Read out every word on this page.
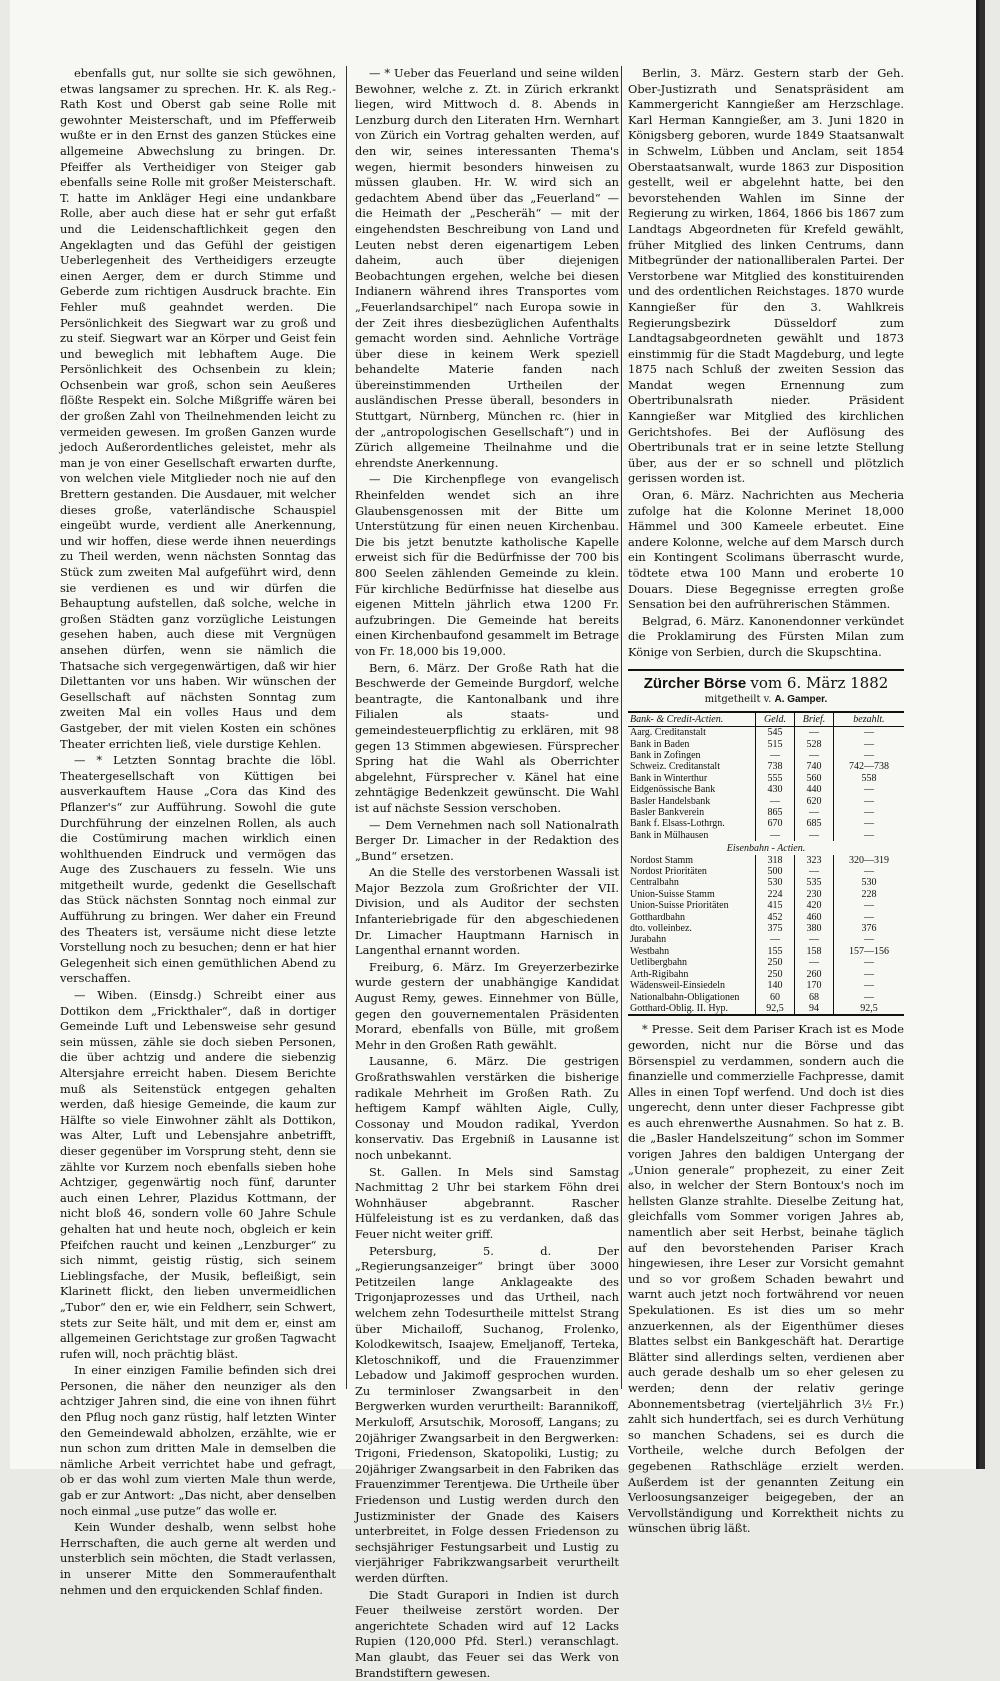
ebenfalls gut, nur sollte sie sich gewöhnen, etwas langsamer zu sprechen. Hr. K. als Reg.-Rath Kost und Oberst gab seine Rolle mit gewohnter Meisterschaft, und im Pfefferweib wußte er in den Ernst des ganzen Stückes eine allgemeine Abwechslung zu bringen. Dr. Pfeiffer als Vertheidiger von Steiger gab ebenfalls seine Rolle mit großer Meisterschaft. T. hatte im Ankläger Hegi eine undankbare Rolle, aber auch diese hat er sehr gut erfaßt und die Leidenschaftlichkeit gegen den Angeklagten und das Gefühl der geistigen Ueberlegenheit des Vertheidigers erzeugte einen Aerger, dem er durch Stimme und Geberde zum richtigen Ausdruck brachte. Ein Fehler muß geahndet werden. Die Persönlichkeit des Siegwart war zu groß und zu steif. Siegwart war an Körper und Geist fein und beweglich mit lebhaftem Auge. Die Persönlichkeit des Ochsenbein zu klein; Ochsenbein war groß, schon sein Aeußeres flößte Respekt ein. Solche Mißgriffe wären bei der großen Zahl von Theilnehmenden leicht zu vermeiden gewesen. Im großen Ganzen wurde jedoch Außerordentliches geleistet, mehr als man je von einer Gesellschaft erwarten durfte, von welchen viele Mitglieder noch nie auf den Brettern gestanden. Die Ausdauer, mit welcher dieses große, vaterländische Schauspiel eingeübt wurde, verdient alle Anerkennung, und wir hoffen, diese werde ihnen neuerdings zu Theil werden, wenn nächsten Sonntag das Stück zum zweiten Mal aufgeführt wird, denn sie verdienen es und wir dürfen die Behauptung aufstellen, daß solche, welche in großen Städten ganz vorzügliche Leistungen gesehen haben, auch diese mit Vergnügen ansehen dürfen, wenn sie nämlich die Thatsache sich vergegenwärtigen, daß wir hier Dilettanten vor uns haben. Wir wünschen der Gesellschaft auf nächsten Sonntag zum zweiten Mal ein volles Haus und dem Gastgeber, der mit vielen Kosten ein schönes Theater errichten ließ, viele durstige Kehlen.

— * Letzten Sonntag brachte die löbl. Theatergesellschaft von Küttigen bei ausverkauftem Hause „Cora das Kind des Pflanzer's“ zur Aufführung. Sowohl die gute Durchführung der einzelnen Rollen, als auch die Costümirung machen wirklich einen wohlthuenden Eindruck und vermögen das Auge des Zuschauers zu fesseln. Wie uns mitgetheilt wurde, gedenkt die Gesellschaft das Stück nächsten Sonntag noch einmal zur Aufführung zu bringen. Wer daher ein Freund des Theaters ist, versäume nicht diese letzte Vorstellung noch zu besuchen; denn er hat hier Gelegenheit sich einen gemüthlichen Abend zu verschaffen.

— Wiben. (Einsdg.) Schreibt einer aus Dottikon dem „Frickthaler“, daß in dortiger Gemeinde Luft und Lebensweise sehr gesund sein müssen, zähle sie doch sieben Personen, die über achtzig und andere die siebenzig Altersjahre erreicht haben. Diesem Berichte muß als Seitenstück entgegen gehalten werden, daß hiesige Gemeinde, die kaum zur Hälfte so viele Einwohner zählt als Dottikon, was Alter, Luft und Lebensjahre anbetrifft, dieser gegenüber im Vorsprung steht, denn sie zählte vor Kurzem noch ebenfalls sieben hohe Achtziger, gegenwärtig noch fünf, darunter auch einen Lehrer, Plazidus Kottmann, der nicht bloß 46, sondern volle 60 Jahre Schule gehalten hat und heute noch, obgleich er kein Pfeifchen raucht und keinen „Lenzburger“ zu sich nimmt, geistig rüstig, sich seinem Lieblingsfache, der Musik, befleißigt, sein Klarinett flickt, den lieben unvermeidlichen „Tubor“ den er, wie ein Feldherr, sein Schwert, stets zur Seite hält, und mit dem er, einst am allgemeinen Gerichtstage zur großen Tagwacht rufen will, noch prächtig bläst.

In einer einzigen Familie befinden sich drei Personen, die näher den neunziger als den achtziger Jahren sind, die eine von ihnen führt den Pflug noch ganz rüstig, half letzten Winter den Gemeindewald abholzen, erzählte, wie er nun schon zum dritten Male in demselben die nämliche Arbeit verrichtet habe und gefragt, ob er das wohl zum vierten Male thun werde, gab er zur Antwort: „Das nicht, aber denselben noch einmal „use putze“ das wolle er.

Kein Wunder deshalb, wenn selbst hohe Herrschaften, die auch gerne alt werden und unsterblich sein möchten, die Stadt verlassen, in unserer Mitte den Sommeraufenthalt nehmen und den erquickenden Schlaf finden.

— * Ueber das Feuerland und seine wilden Bewohner, welche z. Zt. in Zürich erkrankt liegen, wird Mittwoch d. 8. Abends in Lenzburg durch den Literaten Hrn. Wernhart von Zürich ein Vortrag gehalten werden, auf den wir, seines interessanten Thema's wegen, hiermit besonders hinweisen zu müssen glauben. Hr. W. wird sich an gedachtem Abend über das „Feuerland“ — die Heimath der „Pescheräh“ — mit der eingehendsten Beschreibung von Land und Leuten nebst deren eigenartigem Leben daheim, auch über diejenigen Beobachtungen ergehen, welche bei diesen Indianern während ihres Transportes vom „Feuerlandsarchipel“ nach Europa sowie in der Zeit ihres diesbezüglichen Aufenthalts gemacht worden sind. Aehnliche Vorträge über diese in keinem Werk speziell behandelte Materie fanden nach übereinstimmenden Urtheilen der ausländischen Presse überall, besonders in Stuttgart, Nürnberg, München rc. (hier in der „antropologischen Gesellschaft“) und in Zürich allgemeine Theilnahme und die ehrendste Anerkennung.

— Die Kirchenpflege von evangelisch Rheinfelden wendet sich an ihre Glaubensgenossen mit der Bitte um Unterstützung für einen neuen Kirchenbau. Die bis jetzt benutzte katholische Kapelle erweist sich für die Bedürfnisse der 700 bis 800 Seelen zählenden Gemeinde zu klein. Für kirchliche Bedürfnisse hat dieselbe aus eigenen Mitteln jährlich etwa 1200 Fr. aufzubringen. Die Gemeinde hat bereits einen Kirchenbaufond gesammelt im Betrage von Fr. 18,000 bis 19,000.

Bern, 6. März. Der Große Rath hat die Beschwerde der Gemeinde Burgdorf, welche beantragte, die Kantonalbank und ihre Filialen als staats- und gemeindesteuerpflichtig zu erklären, mit 98 gegen 13 Stimmen abgewiesen. Fürsprecher Spring hat die Wahl als Oberrichter abgelehnt, Fürsprecher v. Känel hat eine zehntägige Bedenkzeit gewünscht. Die Wahl ist auf nächste Session verschoben.

— Dem Vernehmen nach soll Nationalrath Berger Dr. Limacher in der Redaktion des „Bund“ ersetzen.

An die Stelle des verstorbenen Wassali ist Major Bezzola zum Großrichter der VII. Division, und als Auditor der sechsten Infanteriebrigade für den abgeschiedenen Dr. Limacher Hauptmann Harnisch in Langenthal ernannt worden.

Freiburg, 6. März. Im Greyerzerbezirke wurde gestern der unabhängige Kandidat August Remy, gewes. Einnehmer von Bülle, gegen den gouvernementalen Präsidenten Morard, ebenfalls von Bülle, mit großem Mehr in den Großen Rath gewählt.

Lausanne, 6. März. Die gestrigen Großrathswahlen verstärken die bisherige radikale Mehrheit im Großen Rath. Zu heftigem Kampf wählten Aigle, Cully, Cossonay und Moudon radikal, Yverdon konservativ. Das Ergebniß in Lausanne ist noch unbekannt.

St. Gallen. In Mels sind Samstag Nachmittag 2 Uhr bei starkem Föhn drei Wohnhäuser abgebrannt. Rascher Hülfeleistung ist es zu verdanken, daß das Feuer nicht weiter griff.

Petersburg, 5. d. Der „Regierungsanzeiger“ bringt über 3000 Petitzeilen lange Anklageakte des Trigonjaprozesses und das Urtheil, nach welchem zehn Todesurtheile mittelst Strang über Michailoff, Suchanog, Frolenko, Kolodkewitsch, Isaajew, Emeljanoff, Terteka, Kletoschnikoff, und die Frauenzimmer Lebadow und Jakimoff gesprochen wurden. Zu terminloser Zwangsarbeit in den Bergwerken wurden verurtheilt: Barannikoff, Merkuloff, Arsutschik, Morosoff, Langans; zu 20jähriger Zwangsarbeit in den Bergwerken: Trigoni, Friedenson, Skatopoliki, Lustig; zu 20jähriger Zwangsarbeit in den Fabriken das Frauenzimmer Terentjewa. Die Urtheile über Friedenson und Lustig werden durch den Justizminister der Gnade des Kaisers unterbreitet, in Folge dessen Friedenson zu sechsjähriger Festungsarbeit und Lustig zu vierjähriger Fabrikzwangsarbeit verurtheilt werden dürften.

Die Stadt Guraporі in Indien ist durch Feuer theilweise zerstört worden. Der angerichtete Schaden wird auf 12 Lacks Rupien (120,000 Pfd. Sterl.) veranschlagt. Man glaubt, das Feuer sei das Werk von Brandstiftern gewesen.

Berlin, 3. März. Gestern starb der Geh. Ober-Justizrath und Senatspräsident am Kammergericht Kanngießer am Herzschlage. Karl Herman Kanngießer, am 3. Juni 1820 in Königsberg geboren, wurde 1849 Staatsanwalt in Schwelm, Lübben und Anclam, seit 1854 Oberstaatsanwalt, wurde 1863 zur Disposition gestellt, weil er abgelehnt hatte, bei den bevorstehenden Wahlen im Sinne der Regierung zu wirken, 1864, 1866 bis 1867 zum Landtags Abgeordneten für Krefeld gewählt, früher Mitglied des linken Centrums, dann Mitbegründer der nationalliberalen Partei. Der Verstorbene war Mitglied des konstituirenden und des ordentlichen Reichstages. 1870 wurde Kanngießer für den 3. Wahlkreis Regierungsbezirk Düsseldorf zum Landtagsabgeordneten gewählt und 1873 einstimmig für die Stadt Magdeburg, und legte 1875 nach Schluß der zweiten Session das Mandat wegen Ernennung zum Obertribunalsrath nieder. Präsident Kanngießer war Mitglied des kirchlichen Gerichtshofes. Bei der Auflösung des Obertribunals trat er in seine letzte Stellung über, aus der er so schnell und plötzlich gerissen worden ist.

Oran, 6. März. Nachrichten aus Mecheria zufolge hat die Kolonne Merinet 18,000 Hämmel und 300 Kameele erbeutet. Eine andere Kolonne, welche auf dem Marsch durch ein Kontingent Scolimans überrascht wurde, tödtete etwa 100 Mann und eroberte 10 Douars. Diese Begegnisse erregten große Sensation bei den aufrührerischen Stämmen.

Belgrad, 6. März. Kanonendonner verkündet die Proklamirung des Fürsten Milan zum Könige von Serbien, durch die Skupschtina.

Zürcher Börse vom 6. März 1882
mitgetheilt v. A. Gamper.
Bank- & Credit-Actien.	Geld.	Brief.	bezahlt.
Aarg. Creditanstalt	545	—	—
Bank in Baden	515	528	—
Bank in Zofingen	—	—	—
Schweiz. Creditanstalt	738	740	742—738
Bank in Winterthur	555	560	558
Eidgenössische Bank	430	440	—
Basler Handelsbank	—	620	—
Basler Bankverein	865	—	—
Bank f. Elsass-Lothrgn.	670	685	—
Bank in Mülhausen	—	—	—
Eisenbahn - Actien.			
Nordost Stamm	318	323	320—319
Nordost Prioritäten	500	—	—
Centralbahn	530	535	530
Union-Suisse Stamm	224	230	228
Union-Suisse Prioritäten	415	420	—
Gotthardbahn	452	460	—
dto. volleinbez.	375	380	376
Jurabahn	—	—	—
Westbahn	155	158	157—156
Uetlibergbahn	250	—	—
Arth-Rigibahn	250	260	—
Wädensweil-Einsiedeln	140	170	—
Nationalbahn-Obligationen	60	68	—
Gotthard-Oblig. II. Hyp.	92,5	94	92,5

* Presse. Seit dem Pariser Krach ist es Mode geworden, nicht nur die Börse und das Börsenspiel zu verdammen, sondern auch die finanzielle und commerzielle Fachpresse, damit Alles in einen Topf werfend. Und doch ist dies ungerecht, denn unter dieser Fachpresse gibt es auch ehrenwerthe Ausnahmen. So hat z. B. die „Basler Handelszeitung“ schon im Sommer vorigen Jahres den baldigen Untergang der „Union generale“ prophezeit, zu einer Zeit also, in welcher der Stern Bontoux's noch im hellsten Glanze strahlte. Dieselbe Zeitung hat, gleichfalls vom Sommer vorigen Jahres ab, namentlich aber seit Herbst, beinahe täglich auf den bevorstehenden Pariser Krach hingewiesen, ihre Leser zur Vorsicht gemahnt und so vor großem Schaden bewahrt und warnt auch jetzt noch fortwährend vor neuen Spekulationen. Es ist dies um so mehr anzuerkennen, als der Eigenthümer dieses Blattes selbst ein Bankgeschäft hat. Derartige Blätter sind allerdings selten, verdienen aber auch gerade deshalb um so eher gelesen zu werden; denn der relativ geringe Abonnementsbetrag (vierteljährlich 3½ Fr.) zahlt sich hundertfach, sei es durch Verhütung so manchen Schadens, sei es durch die Vortheile, welche durch Befolgen der gegebenen Rathschläge erzielt werden. Außerdem ist der genannten Zeitung ein Verloosungsanzeiger beigegeben, der an Vervollständigung und Korrektheit nichts zu wünschen übrig läßt.
